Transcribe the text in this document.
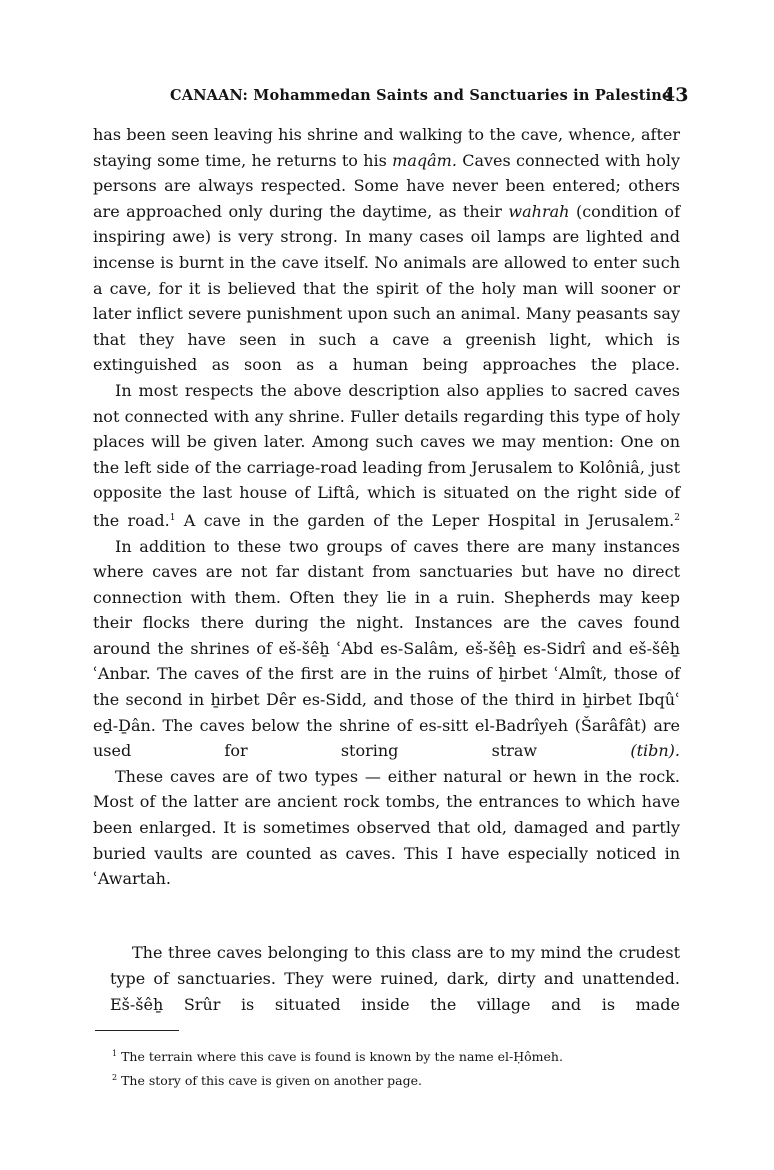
CANAAN: Mohammedan Saints and Sanctuaries in Palestine
43

has been seen leaving his shrine and walking to the cave, whence, after staying some time, he returns to his maqâm. Caves connected with holy persons are always respected. Some have never been entered; others are approached only during the daytime, as their wahrah (condition of inspiring awe) is very strong. In many cases oil lamps are lighted and incense is burnt in the cave itself. No animals are allowed to enter such a cave, for it is believed that the spirit of the holy man will sooner or later inflict severe punishment upon such an animal. Many peasants say that they have seen in such a cave a greenish light, which is extinguished as soon as a human being approaches the place.

In most respects the above description also applies to sacred caves not connected with any shrine. Fuller details regarding this type of holy places will be given later. Among such caves we may mention: One on the left side of the carriage-road leading from Jerusalem to Kolôniâ, just opposite the last house of Liftâ, which is situated on the right side of the road.$^1$ A cave in the garden of the Leper Hospital in Jerusalem.$^2$

In addition to these two groups of caves there are many instances where caves are not far distant from sanctuaries but have no direct connection with them. Often they lie in a ruin. Shepherds may keep their flocks there during the night. Instances are the caves found around the shrines of eš-šêẖ ʿAbd es-Salâm, eš-šêẖ es-Sidrî and eš-šêẖ ʿAnbar. The caves of the first are in the ruins of ẖirbet ʿAlmît, those of the second in ẖirbet Dêr es-Sidd, and those of the third in ẖirbet Ibqûʿ eḏ-Ḏân. The caves below the shrine of es-sitt el-Badrîyeh (Šarâfât) are used for storing straw (tibn).

These caves are of two types — either natural or hewn in the rock. Most of the latter are ancient rock tombs, the entrances to which have been enlarged. It is sometimes observed that old, damaged and partly buried vaults are counted as caves. This I have especially noticed in ʿAwartah.

The three caves belonging to this class are to my mind the crudest type of sanctuaries. They were ruined, dark, dirty and unattended. Eš-šêẖ Srûr is situated inside the village and is made

$^1$ The terrain where this cave is found is known by the name el-Ḥômeh.
$^2$ The story of this cave is given on another page.
